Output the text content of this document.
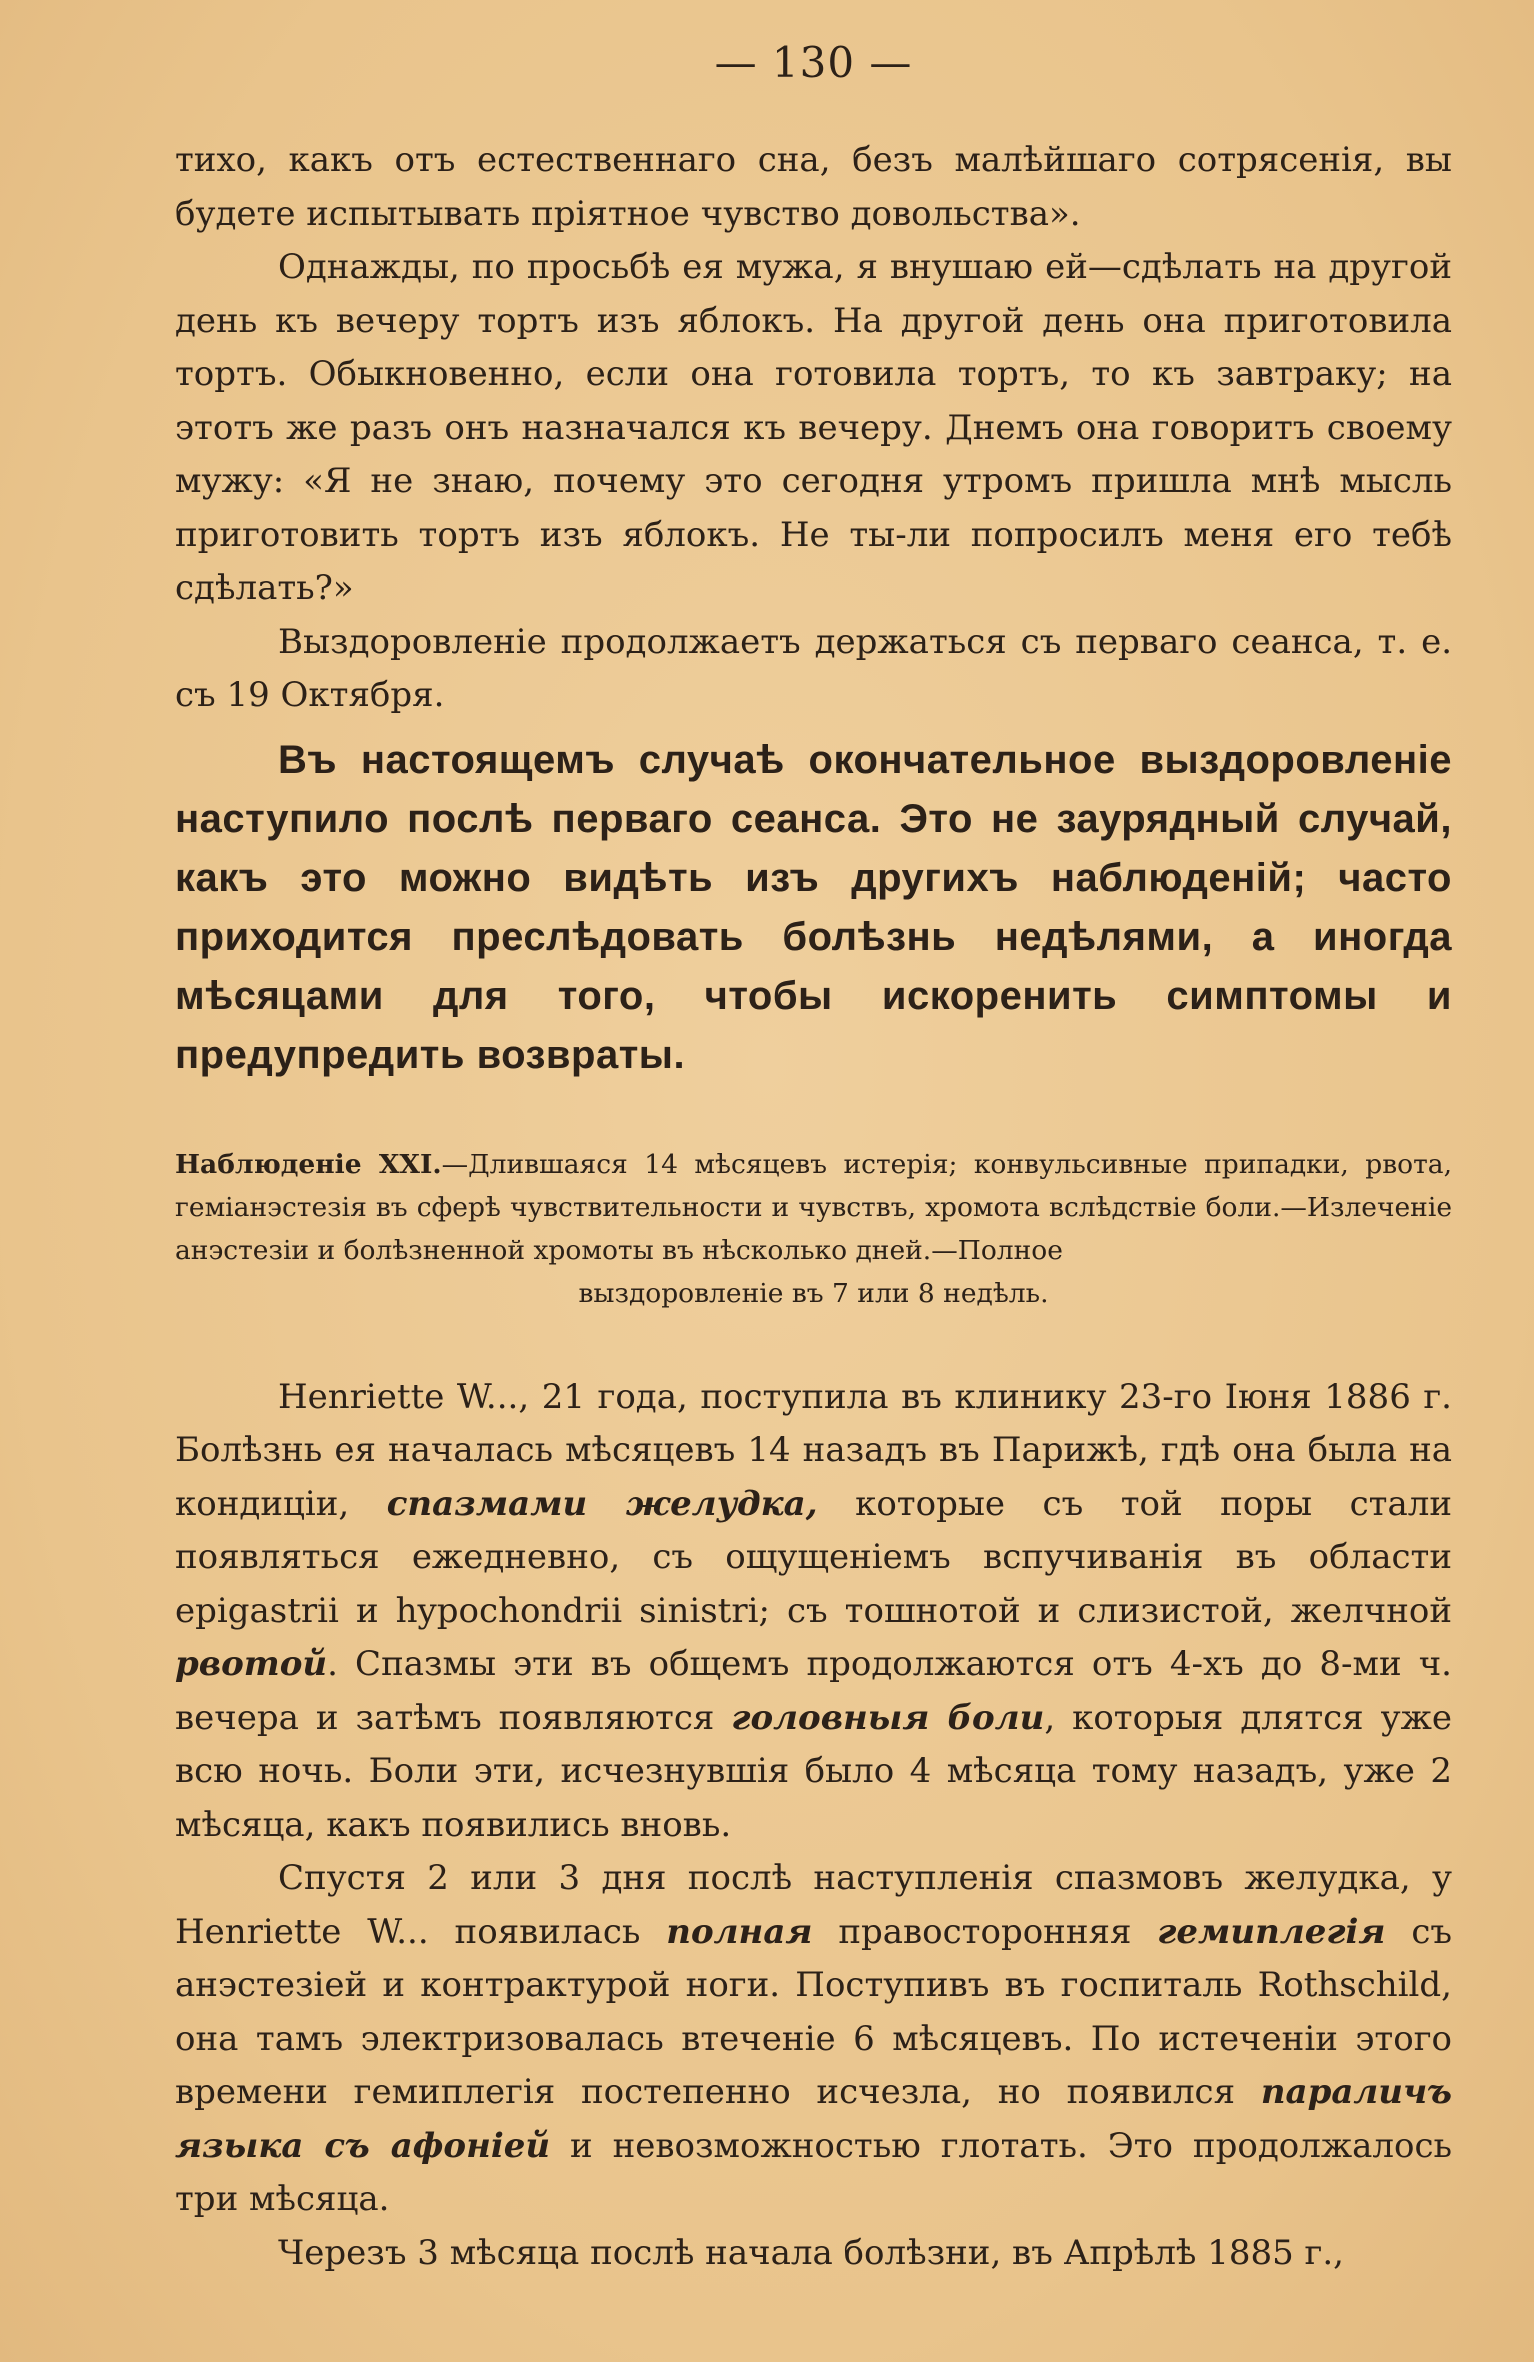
— 130 —

тихо, какъ отъ естественнаго сна, безъ малѣйшаго сотрясенія, вы будете испытывать пріятное чувство довольства».

Однажды, по просьбѣ ея мужа, я внушаю ей—сдѣлать на другой день къ вечеру тортъ изъ яблокъ. На другой день она приготовила тортъ. Обыкновенно, если она готовила тортъ, то къ завтраку; на этотъ же разъ онъ назначался къ вечеру. Днемъ она говоритъ своему мужу: «Я не знаю, почему это сегодня утромъ пришла мнѣ мысль приготовить тортъ изъ яблокъ. Не ты-ли попросилъ меня его тебѣ сдѣлать?»

Выздоровленіе продолжаетъ держаться съ перваго сеанса, т. е. съ 19 Октября.

Въ настоящемъ случаѣ окончательное выздоровленіе наступило послѣ перваго сеанса. Это не заурядный случай, какъ это можно видѣть изъ другихъ наблюденій; часто приходится преслѣдовать болѣзнь недѣлями, а иногда мѣсяцами для того, чтобы искоренить симптомы и предупредить возвраты.

Наблюденіе XXI.—Длившаяся 14 мѣсяцевъ истерія; конвульсивные припадки, рвота, геміанэстезія въ сферѣ чувствительности и чувствъ, хромота вслѣдствіе боли.—Излеченіе анэстезіи и болѣзненной хромоты въ нѣсколько дней.—Полное
выздоровленіе въ 7 или 8 недѣль.

Henriette W..., 21 года, поступила въ клинику 23-го Іюня 1886 г. Болѣзнь ея началась мѣсяцевъ 14 назадъ въ Парижѣ, гдѣ она была на кондиціи, спазмами желудка, которые съ той поры стали появляться ежедневно, съ ощущеніемъ вспучиванія въ области epigastrii и hypochondrii sinistri; съ тошнотой и слизистой, желчной рвотой. Спазмы эти въ общемъ продолжаются отъ 4-хъ до 8-ми ч. вечера и затѣмъ появляются головныя боли, которыя длятся уже всю ночь. Боли эти, исчезнувшія было 4 мѣсяца тому назадъ, уже 2 мѣсяца, какъ появились вновь.

Спустя 2 или 3 дня послѣ наступленія спазмовъ желудка, у Henriette W... появилась полная правосторонняя гемиплегія съ анэстезіей и контрактурой ноги. Поступивъ въ госпиталь Rothschild, она тамъ электризовалась втеченіе 6 мѣсяцевъ. По истеченіи этого времени гемиплегія постепенно исчезла, но появился параличъ языка съ афоніей и невозможностью глотать. Это продолжалось три мѣсяца.

Черезъ 3 мѣсяца послѣ начала болѣзни, въ Апрѣлѣ 1885 г.,
